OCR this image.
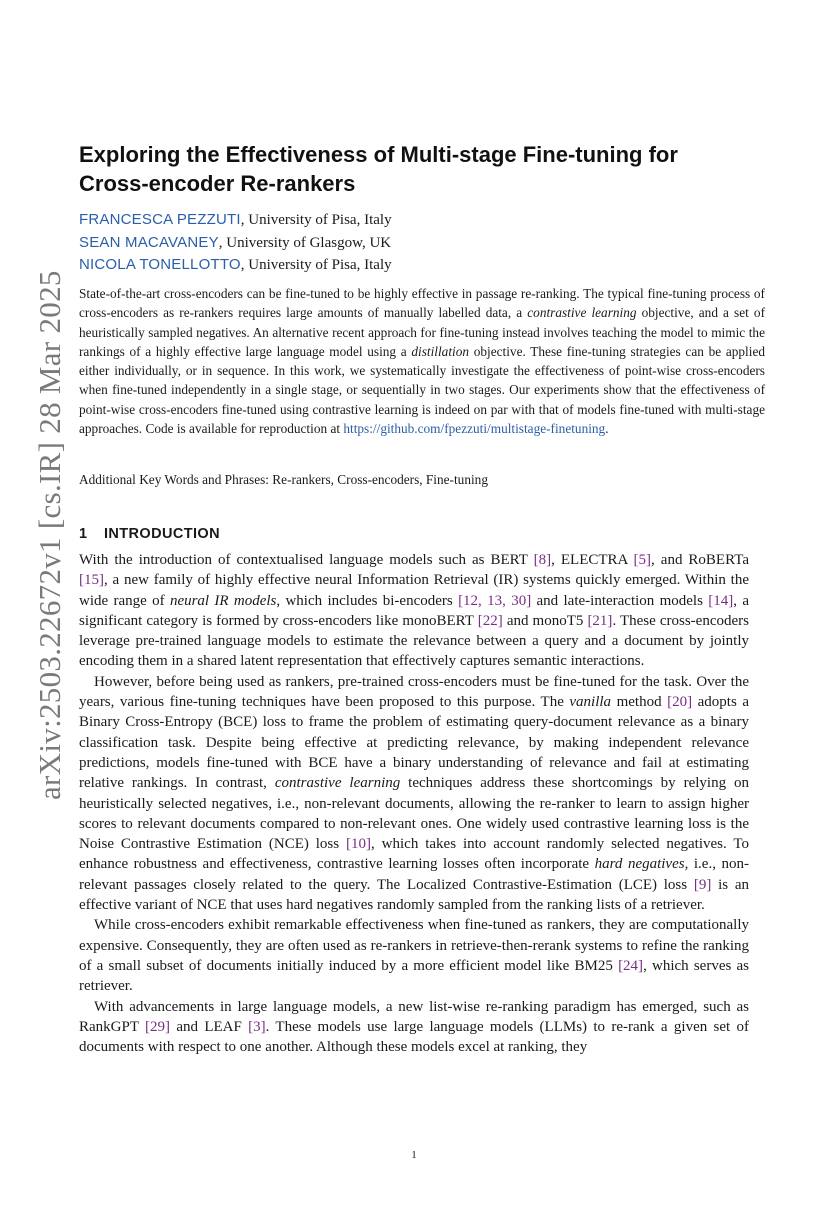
arXiv:2503.22672v1 [cs.IR] 28 Mar 2025
Exploring the Effectiveness of Multi-stage Fine-tuning for
Cross-encoder Re-rankers
FRANCESCA PEZZUTI, University of Pisa, Italy
SEAN MACAVANEY, University of Glasgow, UK
NICOLA TONELLOTTO, University of Pisa, Italy
State-of-the-art cross-encoders can be fine-tuned to be highly effective in passage re-ranking. The typical fine-tuning process of cross-encoders as re-rankers requires large amounts of manually labelled data, a contrastive learning objective, and a set of heuristically sampled negatives. An alternative recent approach for fine-tuning instead involves teaching the model to mimic the rankings of a highly effective large language model using a distillation objective. These fine-tuning strategies can be applied either individually, or in sequence. In this work, we systematically investigate the effectiveness of point-wise cross-encoders when fine-tuned independently in a single stage, or sequentially in two stages. Our experiments show that the effectiveness of point-wise cross-encoders fine-tuned using contrastive learning is indeed on par with that of models fine-tuned with multi-stage approaches. Code is available for reproduction at https://github.com/fpezzuti/multistage-finetuning.
Additional Key Words and Phrases: Re-rankers, Cross-encoders, Fine-tuning
1 INTRODUCTION

With the introduction of contextualised language models such as BERT [8], ELECTRA [5], and RoBERTa [15], a new family of highly effective neural Information Retrieval (IR) systems quickly emerged. Within the wide range of neural IR models, which includes bi-encoders [12, 13, 30] and late-interaction models [14], a significant category is formed by cross-encoders like monoBERT [22] and monoT5 [21]. These cross-encoders leverage pre-trained language models to estimate the relevance between a query and a document by jointly encoding them in a shared latent representation that effectively captures semantic interactions.

However, before being used as rankers, pre-trained cross-encoders must be fine-tuned for the task. Over the years, various fine-tuning techniques have been proposed to this purpose. The vanilla method [20] adopts a Binary Cross-Entropy (BCE) loss to frame the problem of estimating query-document relevance as a binary classification task. Despite being effective at predicting relevance, by making independent relevance predictions, models fine-tuned with BCE have a binary understanding of relevance and fail at estimating relative rankings. In contrast, contrastive learning techniques address these shortcomings by relying on heuristically selected negatives, i.e., non-relevant documents, allowing the re-ranker to learn to assign higher scores to relevant documents compared to non-relevant ones. One widely used contrastive learning loss is the Noise Contrastive Estimation (NCE) loss [10], which takes into account randomly selected negatives. To enhance robustness and effectiveness, contrastive learning losses often incorporate hard negatives, i.e., non-relevant passages closely related to the query. The Localized Contrastive-Estimation (LCE) loss [9] is an effective variant of NCE that uses hard negatives randomly sampled from the ranking lists of a retriever.

While cross-encoders exhibit remarkable effectiveness when fine-tuned as rankers, they are computationally expensive. Consequently, they are often used as re-rankers in retrieve-then-rerank systems to refine the ranking of a small subset of documents initially induced by a more efficient model like BM25 [24], which serves as retriever.

With advancements in large language models, a new list-wise re-ranking paradigm has emerged, such as RankGPT [29] and LEAF [3]. These models use large language models (LLMs) to re-rank a given set of documents with respect to one another. Although these models excel at ranking, they

1
